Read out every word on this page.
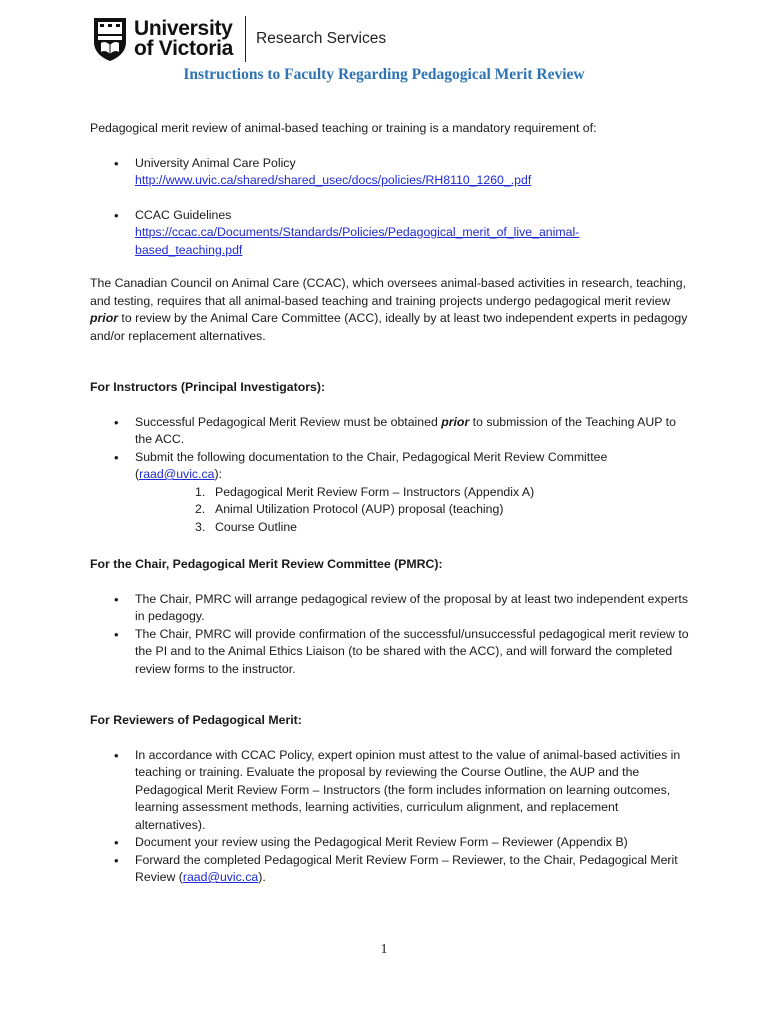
University
of Victoria Research Services
Instructions to Faculty Regarding Pedagogical Merit Review

Pedagogical merit review of animal-based teaching or training is a mandatory requirement of:

• University Animal Care Policy
http://www.uvic.ca/shared/shared_usec/docs/policies/RH8110_1260_.pdf
• CCAC Guidelines
https://ccac.ca/Documents/Standards/Policies/Pedagogical_merit_of_live_animal-
based_teaching.pdf

The Canadian Council on Animal Care (CCAC), which oversees animal-based activities in research, teaching, and testing, requires that all animal-based teaching and training projects undergo pedagogical merit review prior to review by the Animal Care Committee (ACC), ideally by at least two independent experts in pedagogy and/or replacement alternatives.

For Instructors (Principal Investigators):

• Successful Pedagogical Merit Review must be obtained prior to submission of the Teaching AUP to the ACC.
• Submit the following documentation to the Chair, Pedagogical Merit Review Committee (raad@uvic.ca):
1. Pedagogical Merit Review Form – Instructors (Appendix A)
2. Animal Utilization Protocol (AUP) proposal (teaching)
3. Course Outline

For the Chair, Pedagogical Merit Review Committee (PMRC):

• The Chair, PMRC will arrange pedagogical review of the proposal by at least two independent experts in pedagogy.
• The Chair, PMRC will provide confirmation of the successful/unsuccessful pedagogical merit review to the PI and to the Animal Ethics Liaison (to be shared with the ACC), and will forward the completed review forms to the instructor.

For Reviewers of Pedagogical Merit:

• In accordance with CCAC Policy, expert opinion must attest to the value of animal-based activities in teaching or training. Evaluate the proposal by reviewing the Course Outline, the AUP and the Pedagogical Merit Review Form – Instructors (the form includes information on learning outcomes, learning assessment methods, learning activities, curriculum alignment, and replacement alternatives).
• Document your review using the Pedagogical Merit Review Form – Reviewer (Appendix B)
• Forward the completed Pedagogical Merit Review Form – Reviewer, to the Chair, Pedagogical Merit Review (raad@uvic.ca).
1
